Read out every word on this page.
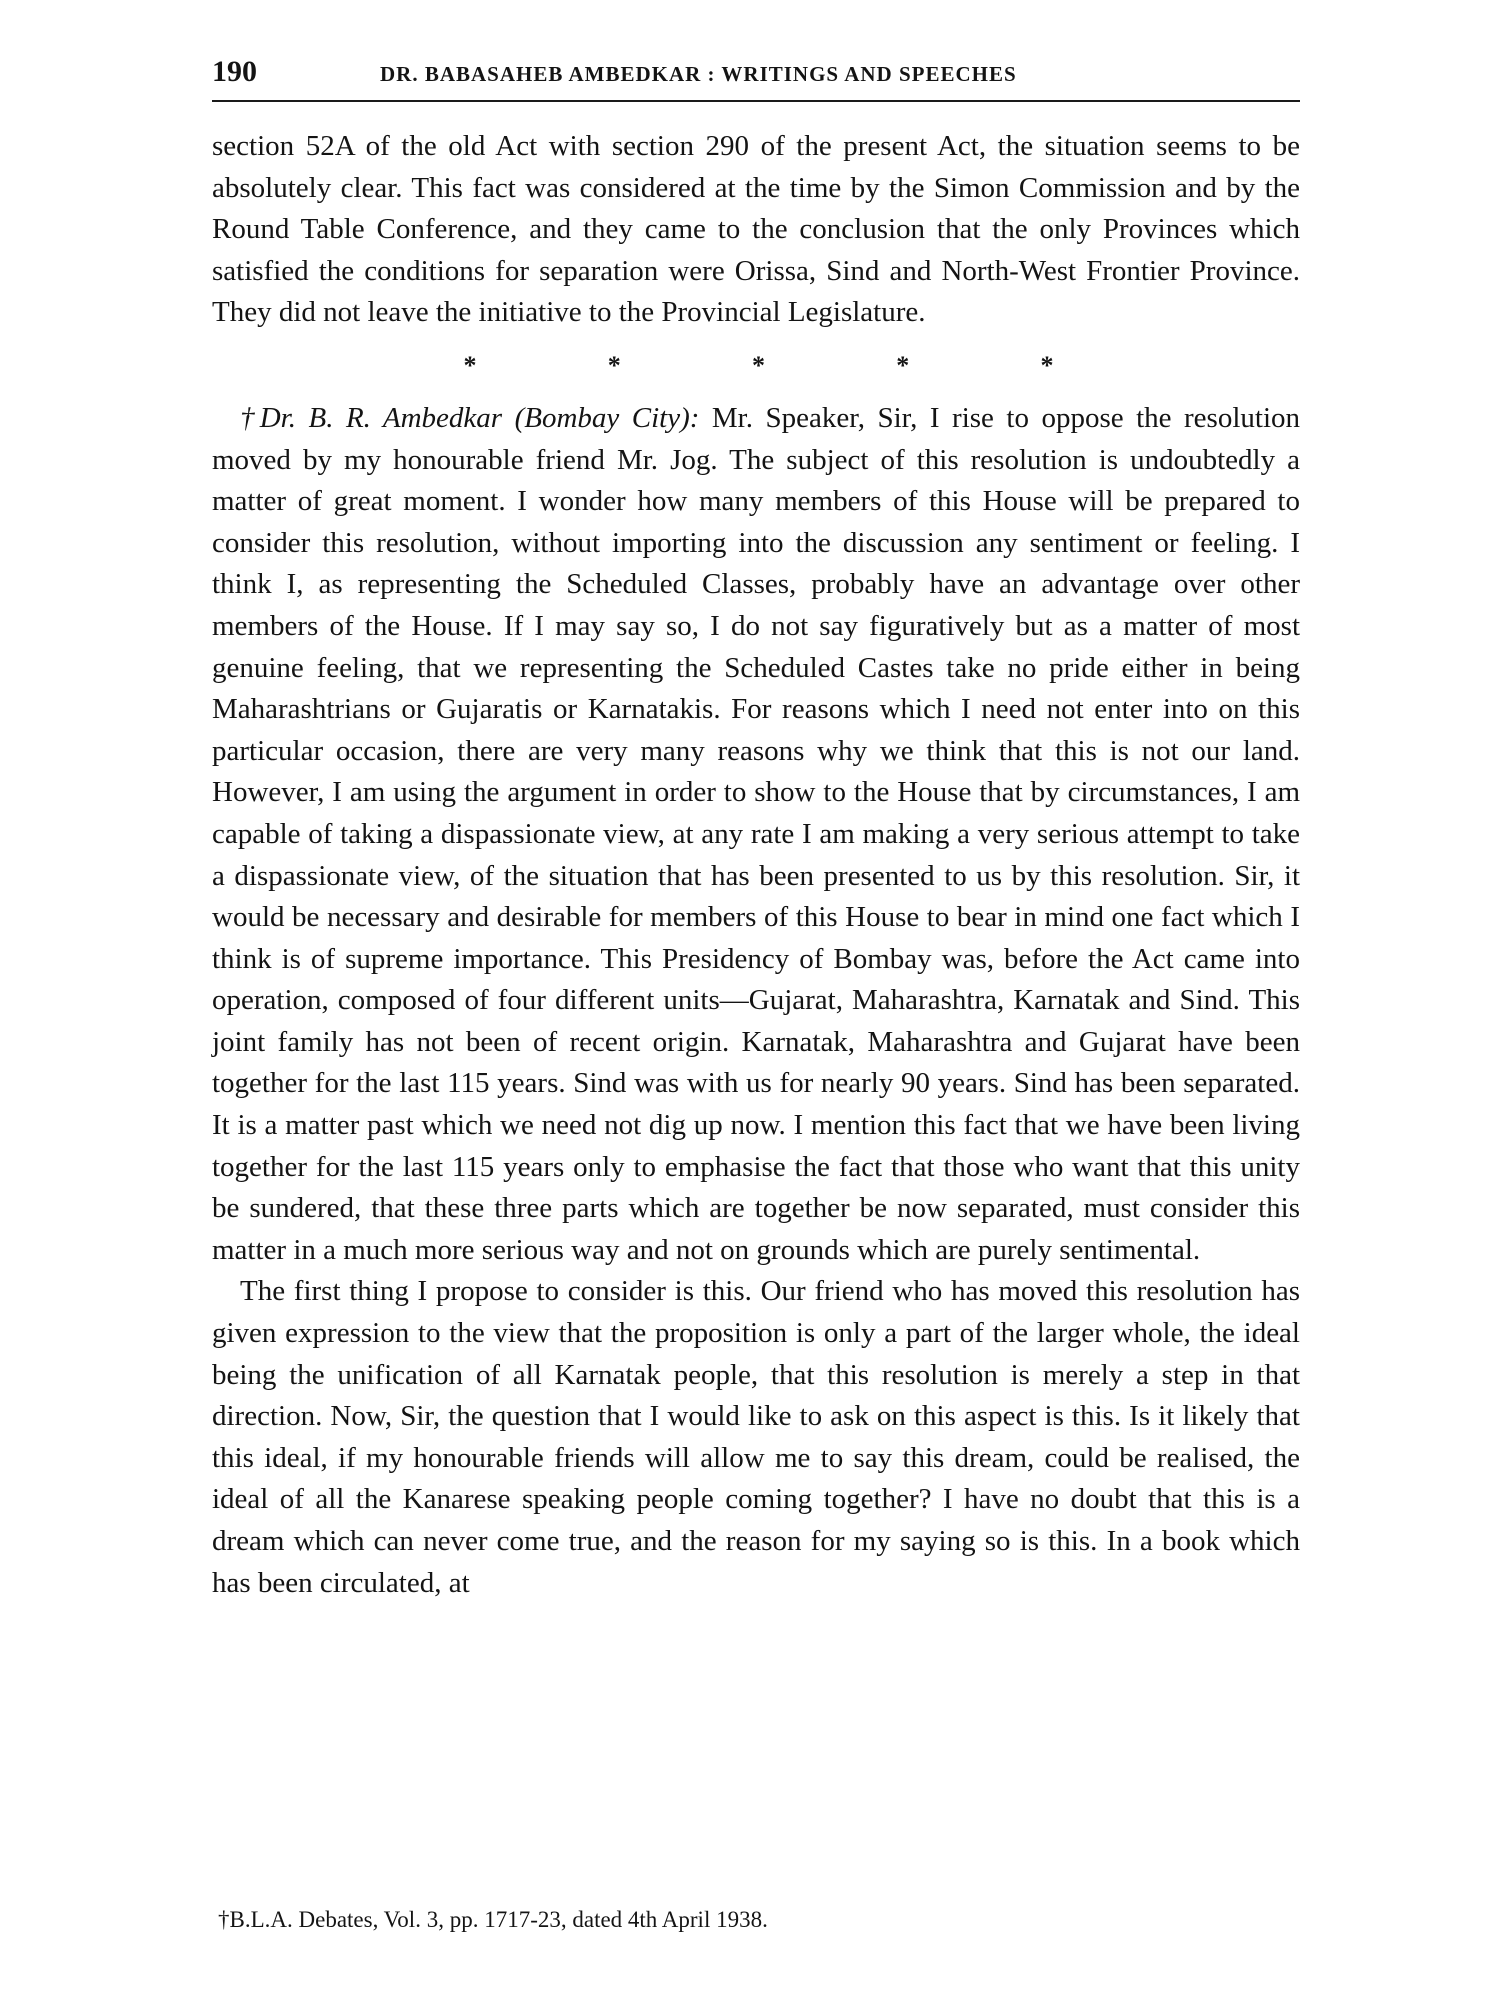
190	DR. BABASAHEB AMBEDKAR : WRITINGS AND SPEECHES

section 52A of the old Act with section 290 of the present Act, the situation seems to be absolutely clear. This fact was considered at the time by the Simon Commission and by the Round Table Conference, and they came to the conclusion that the only Provinces which satisfied the conditions for separation were Orissa, Sind and North-West Frontier Province. They did not leave the initiative to the Provincial Legislature.

*	*	*	*	*

†Dr. B. R. Ambedkar (Bombay City): Mr. Speaker, Sir, I rise to oppose the resolution moved by my honourable friend Mr. Jog. The subject of this resolution is undoubtedly a matter of great moment. I wonder how many members of this House will be prepared to consider this resolution, without importing into the discussion any sentiment or feeling. I think I, as representing the Scheduled Classes, probably have an advantage over other members of the House. If I may say so, I do not say figuratively but as a matter of most genuine feeling, that we representing the Scheduled Castes take no pride either in being Maharashtrians or Gujaratis or Karnatakis. For reasons which I need not enter into on this particular occasion, there are very many reasons why we think that this is not our land. However, I am using the argument in order to show to the House that by circumstances, I am capable of taking a dispassionate view, at any rate I am making a very serious attempt to take a dispassionate view, of the situation that has been presented to us by this resolution. Sir, it would be necessary and desirable for members of this House to bear in mind one fact which I think is of supreme importance. This Presidency of Bombay was, before the Act came into operation, composed of four different units—Gujarat, Maharashtra, Karnatak and Sind. This joint family has not been of recent origin. Karnatak, Maharashtra and Gujarat have been together for the last 115 years. Sind was with us for nearly 90 years. Sind has been separated. It is a matter past which we need not dig up now. I mention this fact that we have been living together for the last 115 years only to emphasise the fact that those who want that this unity be sundered, that these three parts which are together be now separated, must consider this matter in a much more serious way and not on grounds which are purely sentimental.

The first thing I propose to consider is this. Our friend who has moved this resolution has given expression to the view that the proposition is only a part of the larger whole, the ideal being the unification of all Karnatak people, that this resolution is merely a step in that direction. Now, Sir, the question that I would like to ask on this aspect is this. Is it likely that this ideal, if my honourable friends will allow me to say this dream, could be realised, the ideal of all the Kanarese speaking people coming together? I have no doubt that this is a dream which can never come true, and the reason for my saying so is this. In a book which has been circulated, at

†B.L.A. Debates, Vol. 3, pp. 1717-23, dated 4th April 1938.
